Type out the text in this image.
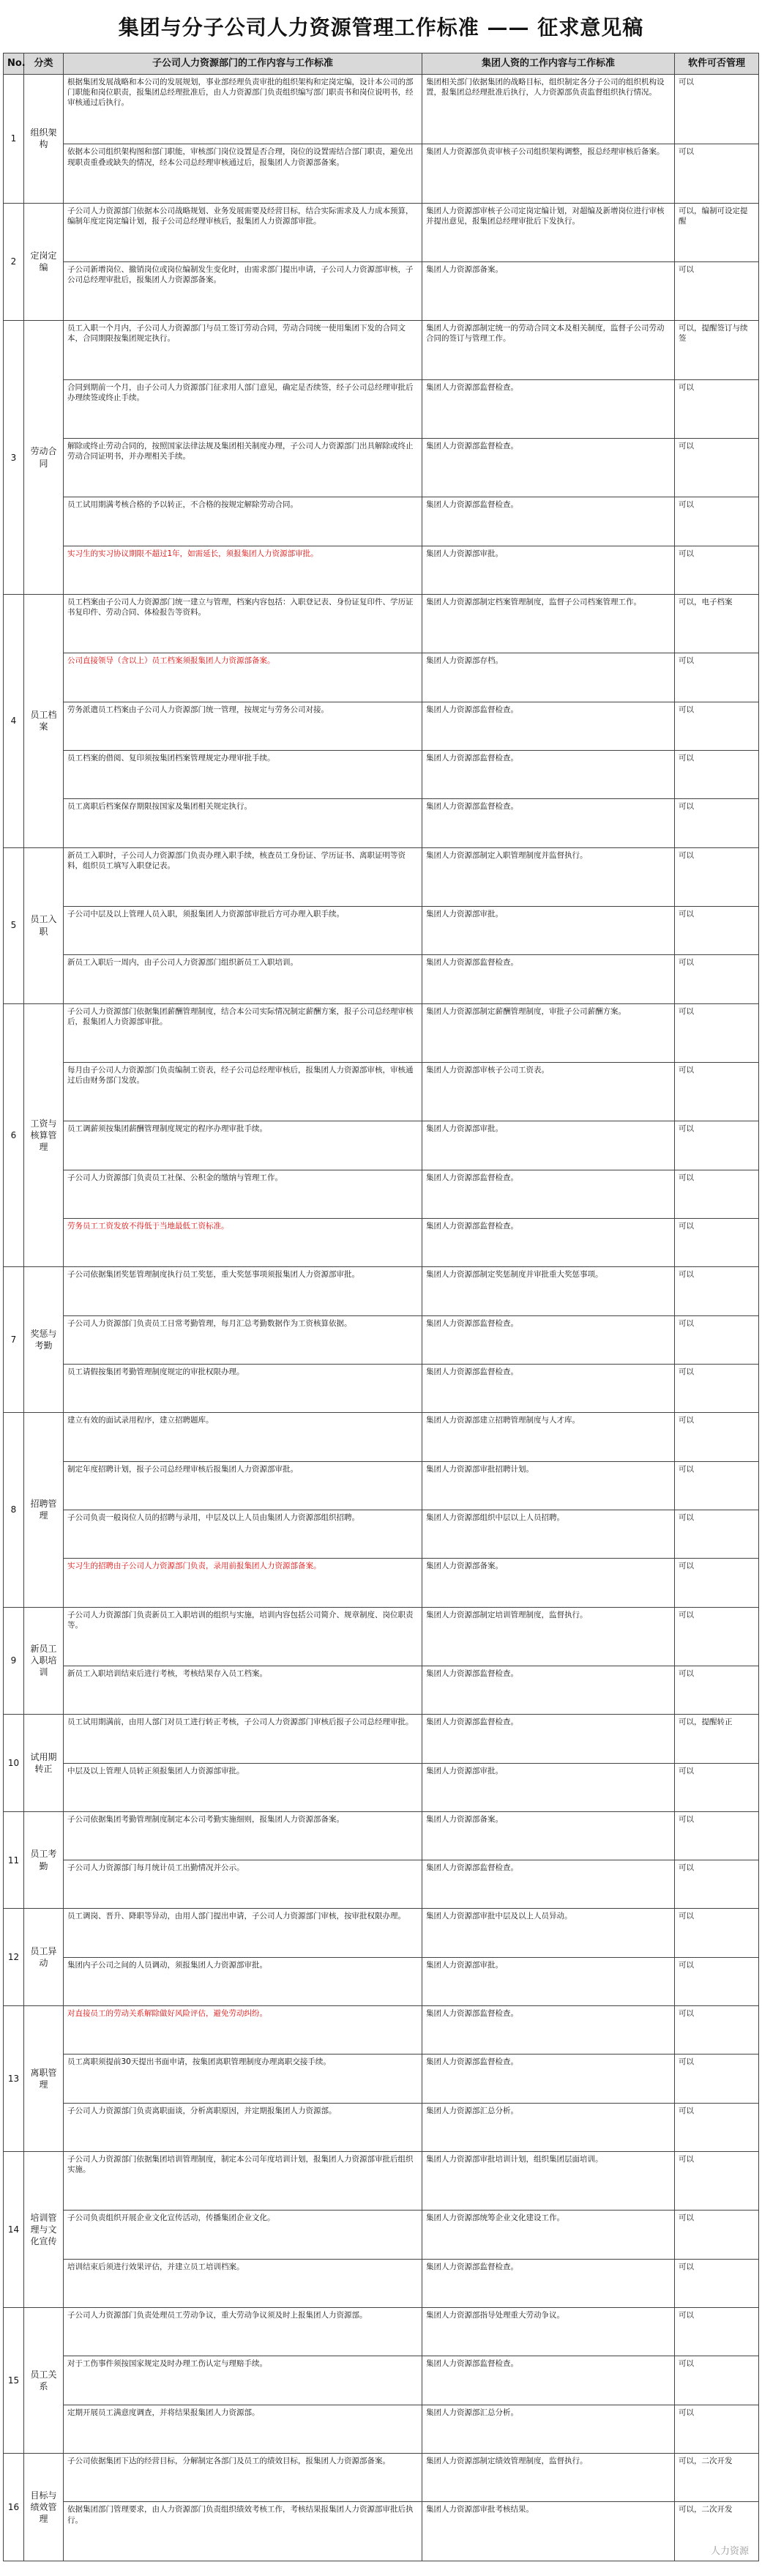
集团与分子公司人力资源管理工作标准 —— 征求意见稿
No.	分类	子公司人力资源部门的工作内容与工作标准	集团人资的工作内容与工作标准	软件可否管理
1	组织架构	根据集团发展战略和本公司的发展规划，事业部经理负责审批的组织架构和定岗定编，设计本公司的部门职能和岗位职责，报集团总经理批准后，由人力资源部门负责组织编写部门职责书和岗位说明书，经审核通过后执行。	集团相关部门依据集团的战略目标，组织制定各分子公司的组织机构设置，报集团总经理批准后执行，人力资源部负责监督组织执行情况。	可以
		依据本公司组织架构图和部门职能，审核部门岗位设置是否合理，岗位的设置需结合部门职责，避免出现职责重叠或缺失的情况，经本公司总经理审核通过后，报集团人力资源部备案。	集团人力资源部负责审核子公司组织架构调整，报总经理审核后备案。	可以
2	定岗定编	子公司人力资源部门依据本公司战略规划、业务发展需要及经营目标，结合实际需求及人力成本预算，编制年度定岗定编计划，报子公司总经理审核后，报集团人力资源部审批。	集团人力资源部审核子公司定岗定编计划，对超编及新增岗位进行审核并提出意见，报集团总经理审批后下发执行。	可以，编制可设定提醒
		子公司新增岗位、撤销岗位或岗位编制发生变化时，由需求部门提出申请，子公司人力资源部审核，子公司总经理审批后，报集团人力资源部备案。	集团人力资源部备案。	可以
3	劳动合同	员工入职一个月内，子公司人力资源部门与员工签订劳动合同，劳动合同统一使用集团下发的合同文本，合同期限按集团规定执行。	集团人力资源部制定统一的劳动合同文本及相关制度，监督子公司劳动合同的签订与管理工作。	可以，提醒签订与续签
		合同到期前一个月，由子公司人力资源部门征求用人部门意见，确定是否续签，经子公司总经理审批后办理续签或终止手续。	集团人力资源部监督检查。	可以
		解除或终止劳动合同的，按照国家法律法规及集团相关制度办理，子公司人力资源部门出具解除或终止劳动合同证明书，并办理相关手续。	集团人力资源部监督检查。	可以
		员工试用期满考核合格的予以转正，不合格的按规定解除劳动合同。	集团人力资源部监督检查。	可以
		实习生的实习协议期限不超过1年，如需延长，须报集团人力资源部审批。	集团人力资源部审批。	可以
4	员工档案	员工档案由子公司人力资源部门统一建立与管理，档案内容包括：入职登记表、身份证复印件、学历证书复印件、劳动合同、体检报告等资料。	集团人力资源部制定档案管理制度，监督子公司档案管理工作。	可以，电子档案
		公司直接领导（含以上）员工档案须报集团人力资源部备案。	集团人力资源部存档。	可以
		劳务派遣员工档案由子公司人力资源部门统一管理，按规定与劳务公司对接。	集团人力资源部监督检查。	可以
		员工档案的借阅、复印须按集团档案管理规定办理审批手续。	集团人力资源部监督检查。	可以
		员工离职后档案保存期限按国家及集团相关规定执行。	集团人力资源部监督检查。	可以
5	员工入职	新员工入职时，子公司人力资源部门负责办理入职手续，核查员工身份证、学历证书、离职证明等资料，组织员工填写入职登记表。	集团人力资源部制定入职管理制度并监督执行。	可以
		子公司中层及以上管理人员入职，须报集团人力资源部审批后方可办理入职手续。	集团人力资源部审批。	可以
		新员工入职后一周内，由子公司人力资源部门组织新员工入职培训。	集团人力资源部监督检查。	可以
6	工资与核算管理	子公司人力资源部门依据集团薪酬管理制度，结合本公司实际情况制定薪酬方案，报子公司总经理审核后，报集团人力资源部审批。	集团人力资源部制定薪酬管理制度，审批子公司薪酬方案。	可以
		每月由子公司人力资源部门负责编制工资表，经子公司总经理审核后，报集团人力资源部审核，审核通过后由财务部门发放。	集团人力资源部审核子公司工资表。	可以
		员工调薪须按集团薪酬管理制度规定的程序办理审批手续。	集团人力资源部审批。	可以
		子公司人力资源部门负责员工社保、公积金的缴纳与管理工作。	集团人力资源部监督检查。	可以
		劳务员工工资发放不得低于当地最低工资标准。	集团人力资源部监督检查。	可以
7	奖惩与考勤	子公司依据集团奖惩管理制度执行员工奖惩，重大奖惩事项须报集团人力资源部审批。	集团人力资源部制定奖惩制度并审批重大奖惩事项。	可以
		子公司人力资源部门负责员工日常考勤管理，每月汇总考勤数据作为工资核算依据。	集团人力资源部监督检查。	可以
		员工请假按集团考勤管理制度规定的审批权限办理。	集团人力资源部监督检查。	可以
8	招聘管理	建立有效的面试录用程序，建立招聘题库。	集团人力资源部建立招聘管理制度与人才库。	可以
		制定年度招聘计划，报子公司总经理审核后报集团人力资源部审批。	集团人力资源部审批招聘计划。	可以
		子公司负责一般岗位人员的招聘与录用，中层及以上人员由集团人力资源部组织招聘。	集团人力资源部组织中层以上人员招聘。	可以
		实习生的招聘由子公司人力资源部门负责，录用前报集团人力资源部备案。	集团人力资源部备案。	可以
9	新员工入职培训	子公司人力资源部门负责新员工入职培训的组织与实施，培训内容包括公司简介、规章制度、岗位职责等。	集团人力资源部制定培训管理制度，监督执行。	可以
		新员工入职培训结束后进行考核，考核结果存入员工档案。	集团人力资源部监督检查。	可以
10	试用期转正	员工试用期满前，由用人部门对员工进行转正考核，子公司人力资源部门审核后报子公司总经理审批。	集团人力资源部监督检查。	可以，提醒转正
		中层及以上管理人员转正须报集团人力资源部审批。	集团人力资源部审批。	可以
11	员工考勤	子公司依据集团考勤管理制度制定本公司考勤实施细则，报集团人力资源部备案。	集团人力资源部备案。	可以
		子公司人力资源部门每月统计员工出勤情况并公示。	集团人力资源部监督检查。	可以
12	员工异动	员工调岗、晋升、降职等异动，由用人部门提出申请，子公司人力资源部门审核，按审批权限办理。	集团人力资源部审批中层及以上人员异动。	可以
		集团内子公司之间的人员调动，须报集团人力资源部审批。	集团人力资源部审批。	可以
13	离职管理	对直接员工的劳动关系解除做好风险评估，避免劳动纠纷。	集团人力资源部监督检查。	可以
		员工离职须提前30天提出书面申请，按集团离职管理制度办理离职交接手续。	集团人力资源部监督检查。	可以
		子公司人力资源部门负责离职面谈，分析离职原因，并定期报集团人力资源部。	集团人力资源部汇总分析。	可以
14	培训管理与文化宣传	子公司人力资源部门依据集团培训管理制度，制定本公司年度培训计划，报集团人力资源部审批后组织实施。	集团人力资源部审批培训计划，组织集团层面培训。	可以
		子公司负责组织开展企业文化宣传活动，传播集团企业文化。	集团人力资源部统筹企业文化建设工作。	可以
		培训结束后须进行效果评估，并建立员工培训档案。	集团人力资源部监督检查。	可以
15	员工关系	子公司人力资源部门负责处理员工劳动争议，重大劳动争议须及时上报集团人力资源部。	集团人力资源部指导处理重大劳动争议。	可以
		对于工伤事件须按国家规定及时办理工伤认定与理赔手续。	集团人力资源部监督检查。	可以
		定期开展员工满意度调查，并将结果报集团人力资源部。	集团人力资源部汇总分析。	可以
16	目标与绩效管理	子公司依据集团下达的经营目标，分解制定各部门及员工的绩效目标，报集团人力资源部备案。	集团人力资源部制定绩效管理制度，监督执行。	可以，二次开发
		依据集团部门管理要求，由人力资源部门负责组织绩效考核工作，考核结果报集团人力资源部审批后执行。	集团人力资源部审批考核结果。	可以，二次开发
人力资源
